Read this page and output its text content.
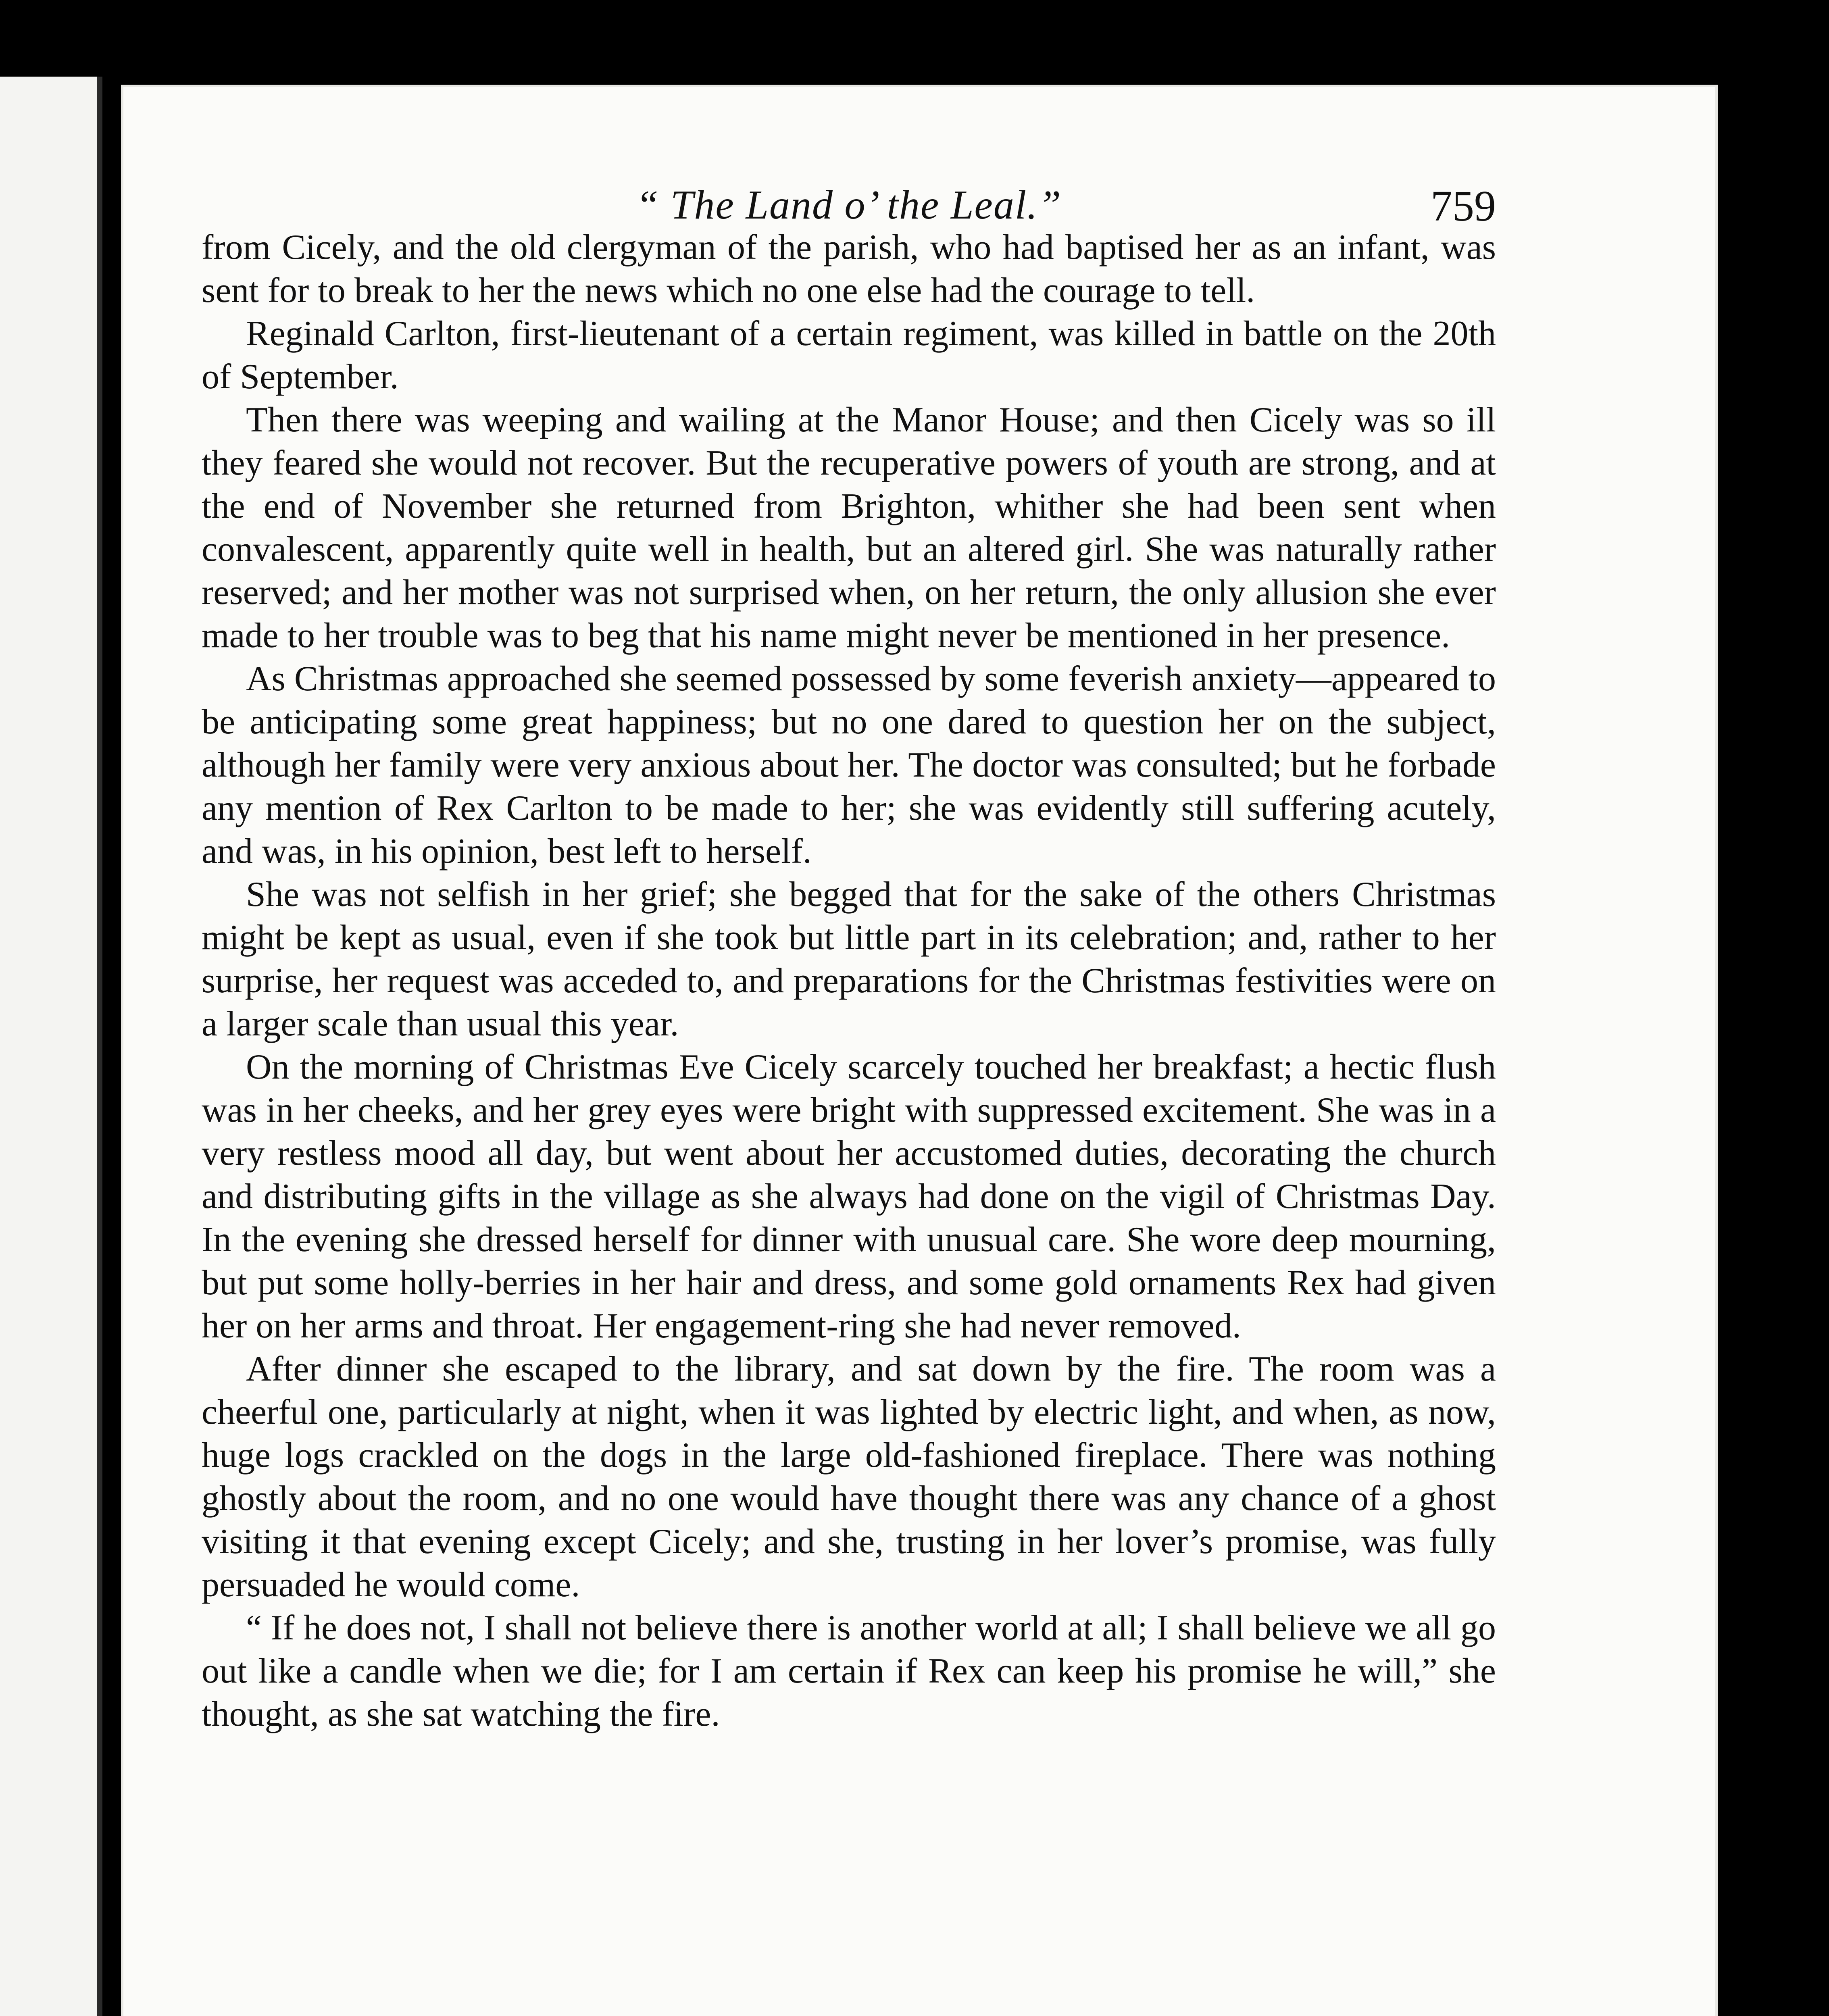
“ The Land o’ the Leal.”	759

from Cicely, and the old clergyman of the parish, who had baptised her as an infant, was sent for to break to her the news which no one else had the courage to tell.

Reginald Carlton, first-lieutenant of a certain regiment, was killed in battle on the 20th of September.

Then there was weeping and wailing at the Manor House; and then Cicely was so ill they feared she would not recover. But the recuperative powers of youth are strong, and at the end of November she returned from Brighton, whither she had been sent when convalescent, apparently quite well in health, but an altered girl. She was naturally rather reserved; and her mother was not surprised when, on her return, the only allusion she ever made to her trouble was to beg that his name might never be mentioned in her presence.

As Christmas approached she seemed possessed by some feverish anxiety—appeared to be anticipating some great happiness; but no one dared to question her on the subject, although her family were very anxious about her. The doctor was consulted; but he forbade any mention of Rex Carlton to be made to her; she was evidently still suffering acutely, and was, in his opinion, best left to herself.

She was not selfish in her grief; she begged that for the sake of the others Christmas might be kept as usual, even if she took but little part in its celebration; and, rather to her surprise, her request was acceded to, and preparations for the Christmas festivities were on a larger scale than usual this year.

On the morning of Christmas Eve Cicely scarcely touched her breakfast; a hectic flush was in her cheeks, and her grey eyes were bright with suppressed excitement. She was in a very restless mood all day, but went about her accustomed duties, decorating the church and distributing gifts in the village as she always had done on the vigil of Christmas Day. In the evening she dressed herself for dinner with unusual care. She wore deep mourning, but put some holly-berries in her hair and dress, and some gold ornaments Rex had given her on her arms and throat. Her engagement-ring she had never removed.

After dinner she escaped to the library, and sat down by the fire. The room was a cheerful one, particularly at night, when it was lighted by electric light, and when, as now, huge logs crackled on the dogs in the large old-fashioned fireplace. There was nothing ghostly about the room, and no one would have thought there was any chance of a ghost visiting it that evening except Cicely; and she, trusting in her lover’s promise, was fully persuaded he would come.

“ If he does not, I shall not believe there is another world at all; I shall believe we all go out like a candle when we die; for I am certain if Rex can keep his promise he will,” she thought, as she sat watching the fire.
